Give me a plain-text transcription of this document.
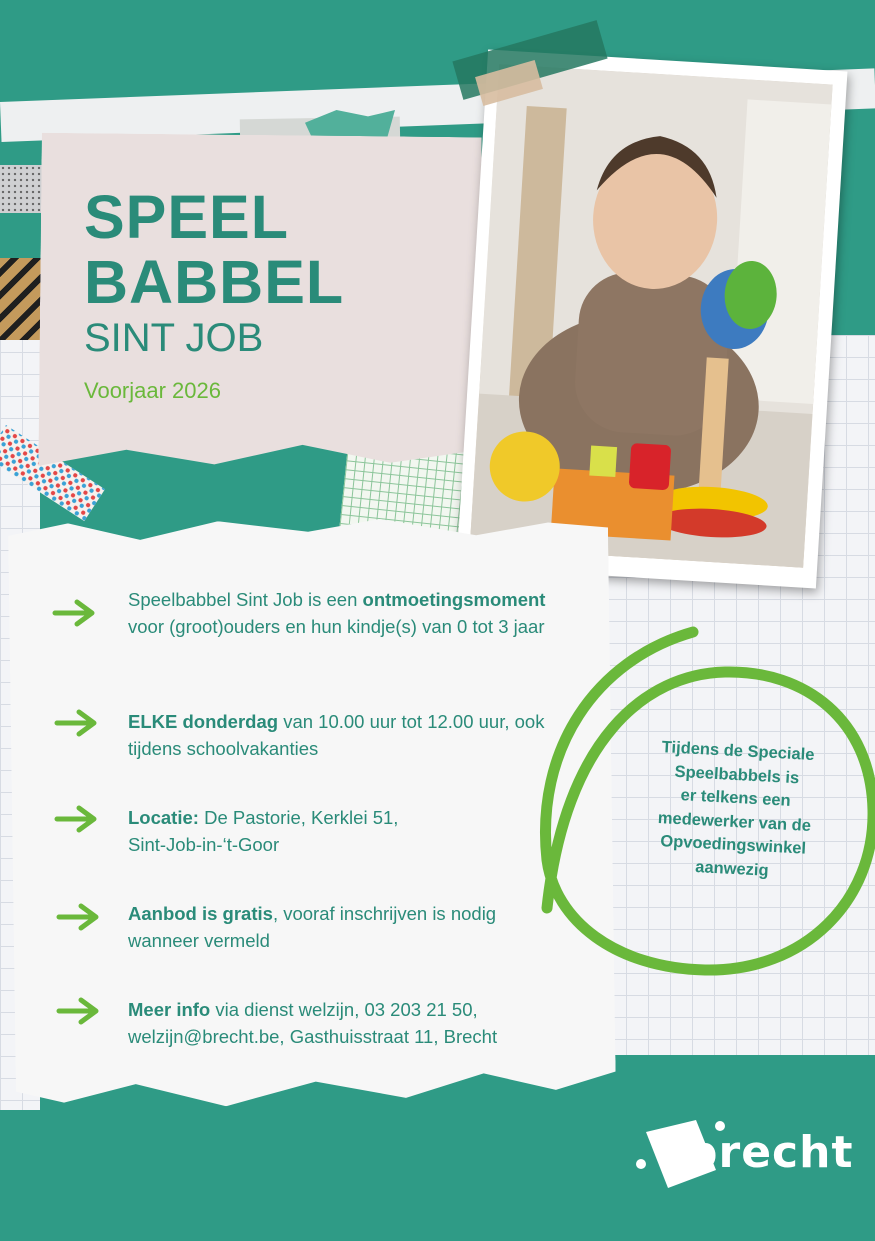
SPEEL
BABBEL
SINT JOB
Voorjaar 2026
Speelbabbel Sint Job is een ontmoetingsmoment voor (groot)ouders en hun kindje(s) van 0 tot 3 jaar
ELKE donderdag van 10.00 uur tot 12.00 uur, ook tijdens schoolvakanties
Locatie: De Pastorie, Kerklei 51, Sint-Job-in-‘t-Goor
Aanbod is gratis, vooraf inschrijven is nodig wanneer vermeld
Meer info via dienst welzijn, 03 203 21 50, welzijn@brecht.be, Gasthuisstraat 11, Brecht
Tijdens de Speciale
Speelbabbels is
er telkens een
medewerker van de
Opvoedingswinkel
aanwezig
brecht
